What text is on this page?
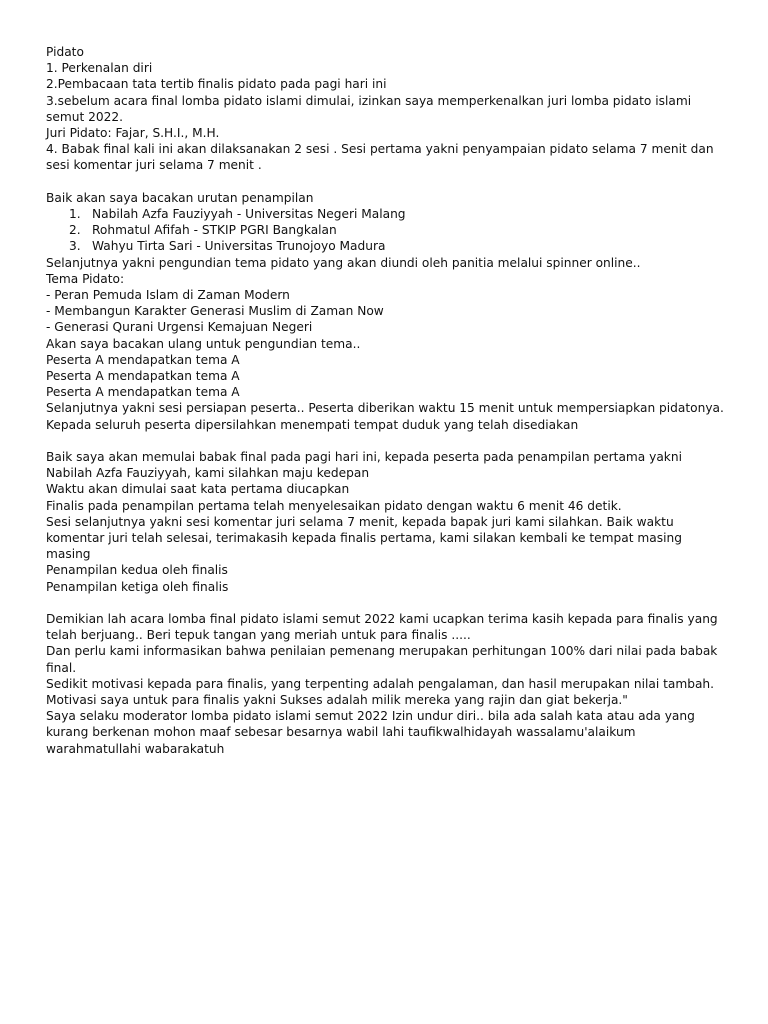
Pidato
1. Perkenalan diri
2.Pembacaan tata tertib finalis pidato pada pagi hari ini
3.sebelum acara final lomba pidato islami dimulai, izinkan saya memperkenalkan juri lomba pidato islami semut 2022.
Juri Pidato: Fajar, S.H.I., M.H.
4. Babak final kali ini akan dilaksanakan 2 sesi . Sesi pertama yakni penyampaian pidato selama 7 menit dan sesi komentar juri selama 7 menit .
Baik akan saya bacakan urutan penampilan
1. Nabilah Azfa Fauziyyah - Universitas Negeri Malang
2. Rohmatul Afifah - STKIP PGRI Bangkalan
3. Wahyu Tirta Sari - Universitas Trunojoyo Madura
Selanjutnya yakni pengundian tema pidato yang akan diundi oleh panitia melalui spinner online..
Tema Pidato:
- Peran Pemuda Islam di Zaman Modern
- Membangun Karakter Generasi Muslim di Zaman Now
- Generasi Qurani Urgensi Kemajuan Negeri
Akan saya bacakan ulang untuk pengundian tema..
Peserta A mendapatkan tema A
Peserta A mendapatkan tema A
Peserta A mendapatkan tema A
Selanjutnya yakni sesi persiapan peserta.. Peserta diberikan waktu 15 menit untuk mempersiapkan pidatonya.
Kepada seluruh peserta dipersilahkan menempati tempat duduk yang telah disediakan
Baik saya akan memulai babak final pada pagi hari ini, kepada peserta pada penampilan pertama yakni Nabilah Azfa Fauziyyah, kami silahkan maju kedepan
Waktu akan dimulai saat kata pertama diucapkan
Finalis pada penampilan pertama telah menyelesaikan pidato dengan waktu 6 menit 46 detik.
Sesi selanjutnya yakni sesi komentar juri selama 7 menit, kepada bapak juri kami silahkan. Baik waktu komentar juri telah selesai, terimakasih kepada finalis pertama, kami silakan kembali ke tempat masing masing
Penampilan kedua oleh finalis
Penampilan ketiga oleh finalis
Demikian lah acara lomba final pidato islami semut 2022 kami ucapkan terima kasih kepada para finalis yang telah berjuang.. Beri tepuk tangan yang meriah untuk para finalis .....
Dan perlu kami informasikan bahwa penilaian pemenang merupakan perhitungan 100% dari nilai pada babak final.
Sedikit motivasi kepada para finalis, yang terpenting adalah pengalaman, dan hasil merupakan nilai tambah. Motivasi saya untuk para finalis yakni Sukses adalah milik mereka yang rajin dan giat bekerja."
Saya selaku moderator lomba pidato islami semut 2022 Izin undur diri.. bila ada salah kata atau ada yang kurang berkenan mohon maaf sebesar besarnya wabil lahi taufikwalhidayah wassalamu'alaikum warahmatullahi wabarakatuh
